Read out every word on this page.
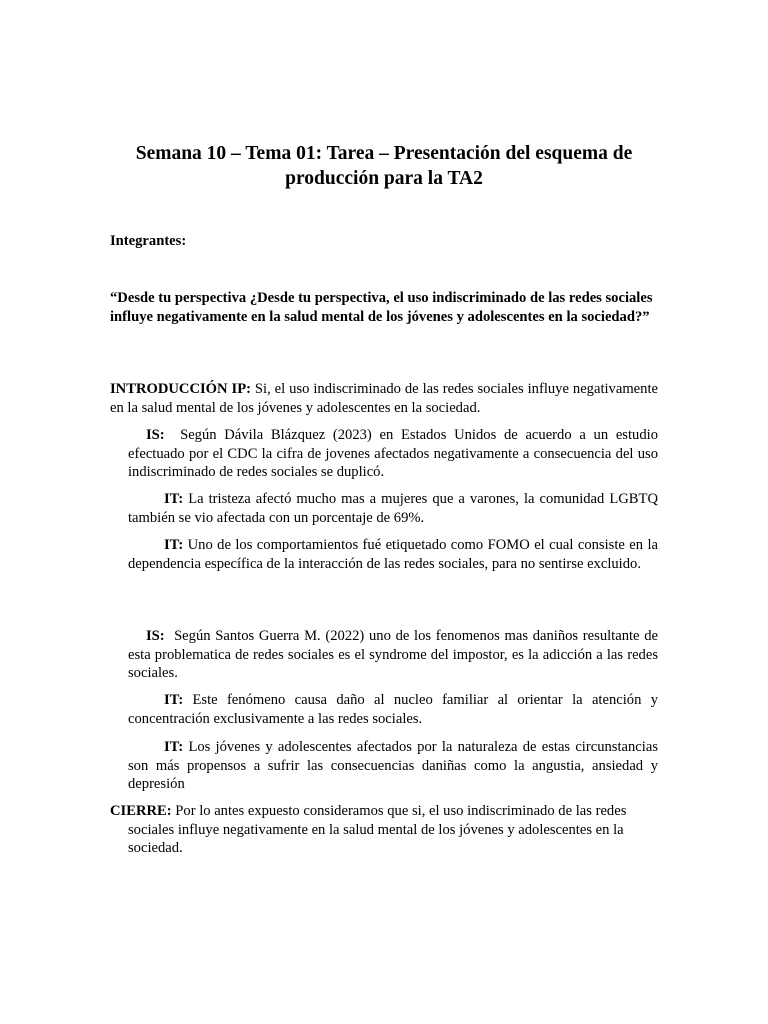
Semana 10 – Tema 01: Tarea – Presentación del esquema de producción para la TA2
Integrantes:
“Desde tu perspectiva ¿Desde tu perspectiva, el uso indiscriminado de las redes sociales influye negativamente en la salud mental de los jóvenes y adolescentes en la sociedad?”
INTRODUCCIÓN IP: Si, el uso indiscriminado de las redes sociales influye negativamente en la salud mental de los jóvenes y adolescentes en la sociedad.
IS: Según Dávila Blázquez (2023) en Estados Unidos de acuerdo a un estudio efectuado por el CDC la cifra de jovenes afectados negativamente a consecuencia del uso indiscriminado de redes sociales se duplicó.
IT: La tristeza afectó mucho mas a mujeres que a varones, la comunidad LGBTQ también se vio afectada con un porcentaje de 69%.
IT: Uno de los comportamientos fué etiquetado como FOMO el cual consiste en la dependencia específica de la interacción de las redes sociales, para no sentirse excluido.
IS: Según Santos Guerra M. (2022) uno de los fenomenos mas daniños resultante de esta problematica de redes sociales es el syndrome del impostor, es la adicción a las redes sociales.
IT: Este fenómeno causa daño al nucleo familiar al orientar la atención y concentración exclusivamente a las redes sociales.
IT: Los jóvenes y adolescentes afectados por la naturaleza de estas circunstancias son más propensos a sufrir las consecuencias daniñas como la angustia, ansiedad y depresión
CIERRE: Por lo antes expuesto consideramos que si, el uso indiscriminado de las redes sociales influye negativamente en la salud mental de los jóvenes y adolescentes en la sociedad.
